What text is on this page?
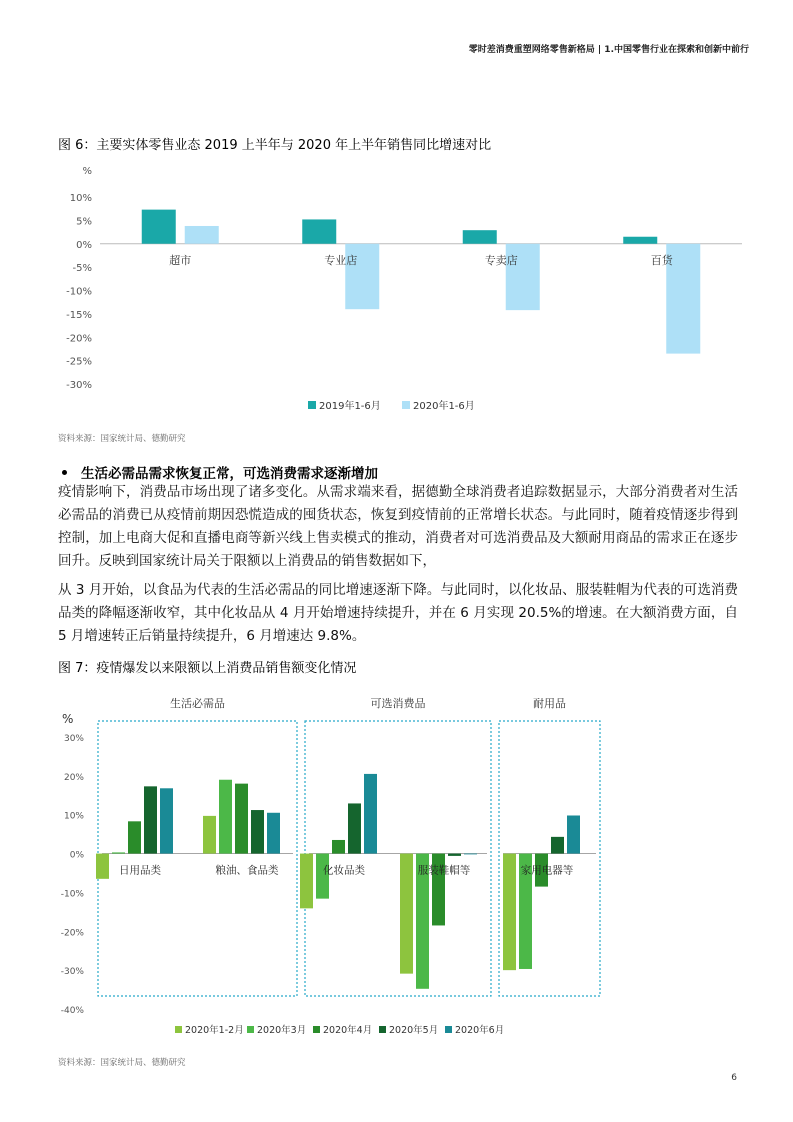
零时差消费重塑网络零售新格局 | 1.中国零售行业在探索和创新中前行
图 6：主要实体零售业态 2019 上半年与 2020 年上半年销售同比增速对比
%
10%
5%
0%
-5%
-10%
-15%
-20%
-25%
-30%
超市	专业店	专卖店	百货
2019年1-6月	2020年1-6月
资料来源：国家统计局、德勤研究
生活必需品需求恢复正常，可选消费需求逐渐增加
疫情影响下，消费品市场出现了诸多变化。从需求端来看，据德勤全球消费者追踪数据显示，大部分消费者对生活必需品的消费已从疫情前期因恐慌造成的囤货状态，恢复到疫情前的正常增长状态。与此同时，随着疫情逐步得到控制，加上电商大促和直播电商等新兴线上售卖模式的推动，消费者对可选消费品及大额耐用商品的需求正在逐步回升。反映到国家统计局关于限额以上消费品的销售数据如下，
从 3 月开始，以食品为代表的生活必需品的同比增速逐渐下降。与此同时，以化妆品、服装鞋帽为代表的可选消费品类的降幅逐渐收窄，其中化妆品从 4 月开始增速持续提升，并在 6 月实现 20.5%的增速。在大额消费方面，自 5 月增速转正后销量持续提升，6 月增速达 9.8%。
图 7：疫情爆发以来限额以上消费品销售额变化情况
%
30%
20%
10%
0%
-10%
-20%
-30%
-40%
生活必需品
日用品类	粮油、食品类
可选消费品
化妆品类	服装鞋帽等
耐用品
家用电器等
2020年1-2月 2020年3月 2020年4月 2020年5月 2020年6月
资料来源：国家统计局、德勤研究
6
